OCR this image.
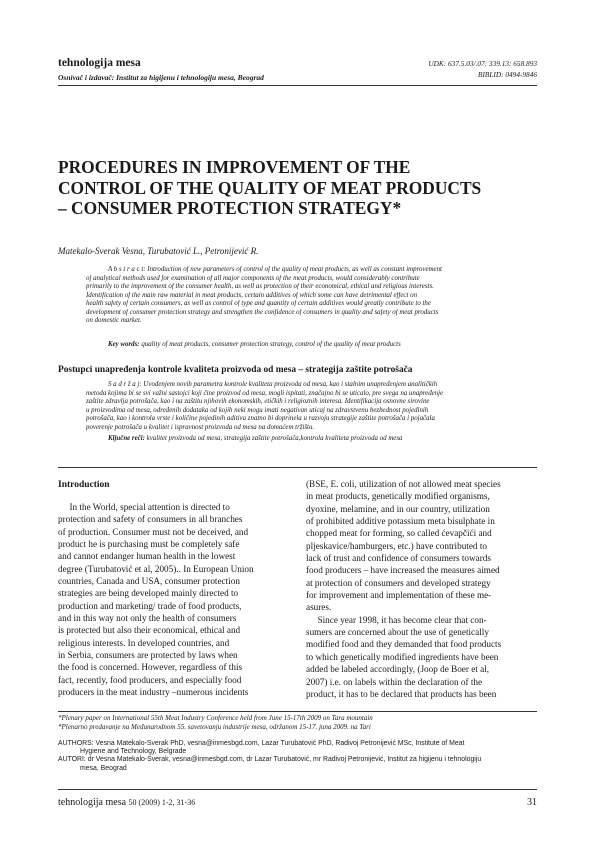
tehnologija mesa
Osnivač i izdavač: Institut za higijenu i tehnologiju mesa, Beograd
UDK: 637.5.03/.07: 339.13: 658.893
BIBLID: 0494-9846
PROCEDURES IN IMPROVEMENT OF THE
CONTROL OF THE QUALITY OF MEAT PRODUCTS
– CONSUMER PROTECTION STRATEGY*
Matekalo-Sverak Vesna, Turubatović L., Petronijević R.
A b s t r a c t: Introduction of new parameters of control of the quality of meat products, as well as constant improvement
of analytical methods used for examination of all major components of the meat products, would considerably contribute
primarily to the improvement of the consumer health, as well as protection of their economical, ethical and religious interests.
Identification of the main raw material in meat products, certain additives of which some can have detrimental effect on
health safety of certain consumers, as well as control of type and quantity of certain additives would greatly contribute to the
development of consumer protection strategy and strengthen the confidence of consumers in quality and safety of meat products
on domestic market.
Key words: quality of meat products, consumer protection strategy, control of the quality of meat products
Postupci unapređenja kontrole kvaliteta proizvoda od mesa – strategija zaštite potrošača
S a d r ž a j: Uvođenjem novih parametra kontrole kvaliteta proizvoda od mesa, kao i stalnim unapređenjem analitičkih
metoda kojima bi se svi važni sastojci koji čine proizvod od mesa, mogli ispitati, značajno bi se uticalo, pre svega na unapređenje
zaštite zdravlja potrošača, kao i na zaštitu njihovih ekonomskih, etičkih i religioznih interesa. Identifikacija osnovne sirovine
u proizvodima od mesa, određenih dodataka od kojih neki mogu imati negativan uticaj na zdravstvenu bezbednost pojedinih
potrošača, kao i kontrola vrste i količine pojedinih aditiva znatno bi doprinela u razvoju strategije zaštite potrošača i pojačala
poverenje potrošača u kvalitet i ispravnost proizvoda od mesa na domaćem tržištu.
Ključne reči: kvalitet proizvoda od mesa, strategija zaštite potrošača,kontrola kvaliteta proizvoda od mesa
Introduction
In the World, special attention is directed to
protection and safety of consumers in all branches
of production. Consumer must not be deceived, and
product he is purchasing must be completely safe
and cannot endanger human health in the lowest
degree (Turubatović et al, 2005).. In European Union
countries, Canada and USA, consumer protection
strategies are being developed mainly directed to
production and marketing/ trade of food products,
and in this way not only the health of consumers
is protected but also their economical, ethical and
religious interests. In developed countries, and
in Serbia, consumers are protected by laws when
the food is concerned. However, regardless of this
fact, recently, food producers, and especially food
producers in the meat industry –numerous incidents
(BSE, E. coli, utilization of not allowed meat species
in meat products, genetically modified organisms,
dyoxine, melamine, and in our country, utilization
of prohibited additive potassium meta bisulphate in
chopped meat for forming, so called ćevapčići and
pljeskavice/hamburgers, etc.) have contributed to
lack of trust and confidence of consumers towards
food producers – have increased the measures aimed
at protection of consumers and developed strategy
for improvement and implementation of these me-
asures.
Since year 1998, it has become clear that con-
sumers are concerned about the use of genetically
modified food and they demanded that food products
to which genetically modified ingredients have been
added be labeled accordingly, (Joop de Boer et al,
2007) i.e. on labels within the declaration of the
product, it has to be declared that products has been
*Plenary paper on International 55th Meat Industry Conference held from June 15-17th 2009 on Tara mountain
*Plenarno predavanje na Međunarodnom 55. savetovanju industrije mesa, održanom 15-17. juna 2009. na Tari
AUTHORS: Vesna Matekalo-Sverak PhD, vesna@inmesbgd.com, Lazar Turubatović PhD, Radivoj Petronijević MSc, Institute of Meat
Hygiene and Technology, Belgrade
AUTORI: dr Vesna Matekalo-Sverak, vesna@inmesbgd.com, dr Lazar Turubatović, mr Radivoj Petronijević, Institut za higijenu i tehnologiju
mesa, Beograd
tehnologija mesa 50 (2009) 1-2, 31-36	31
